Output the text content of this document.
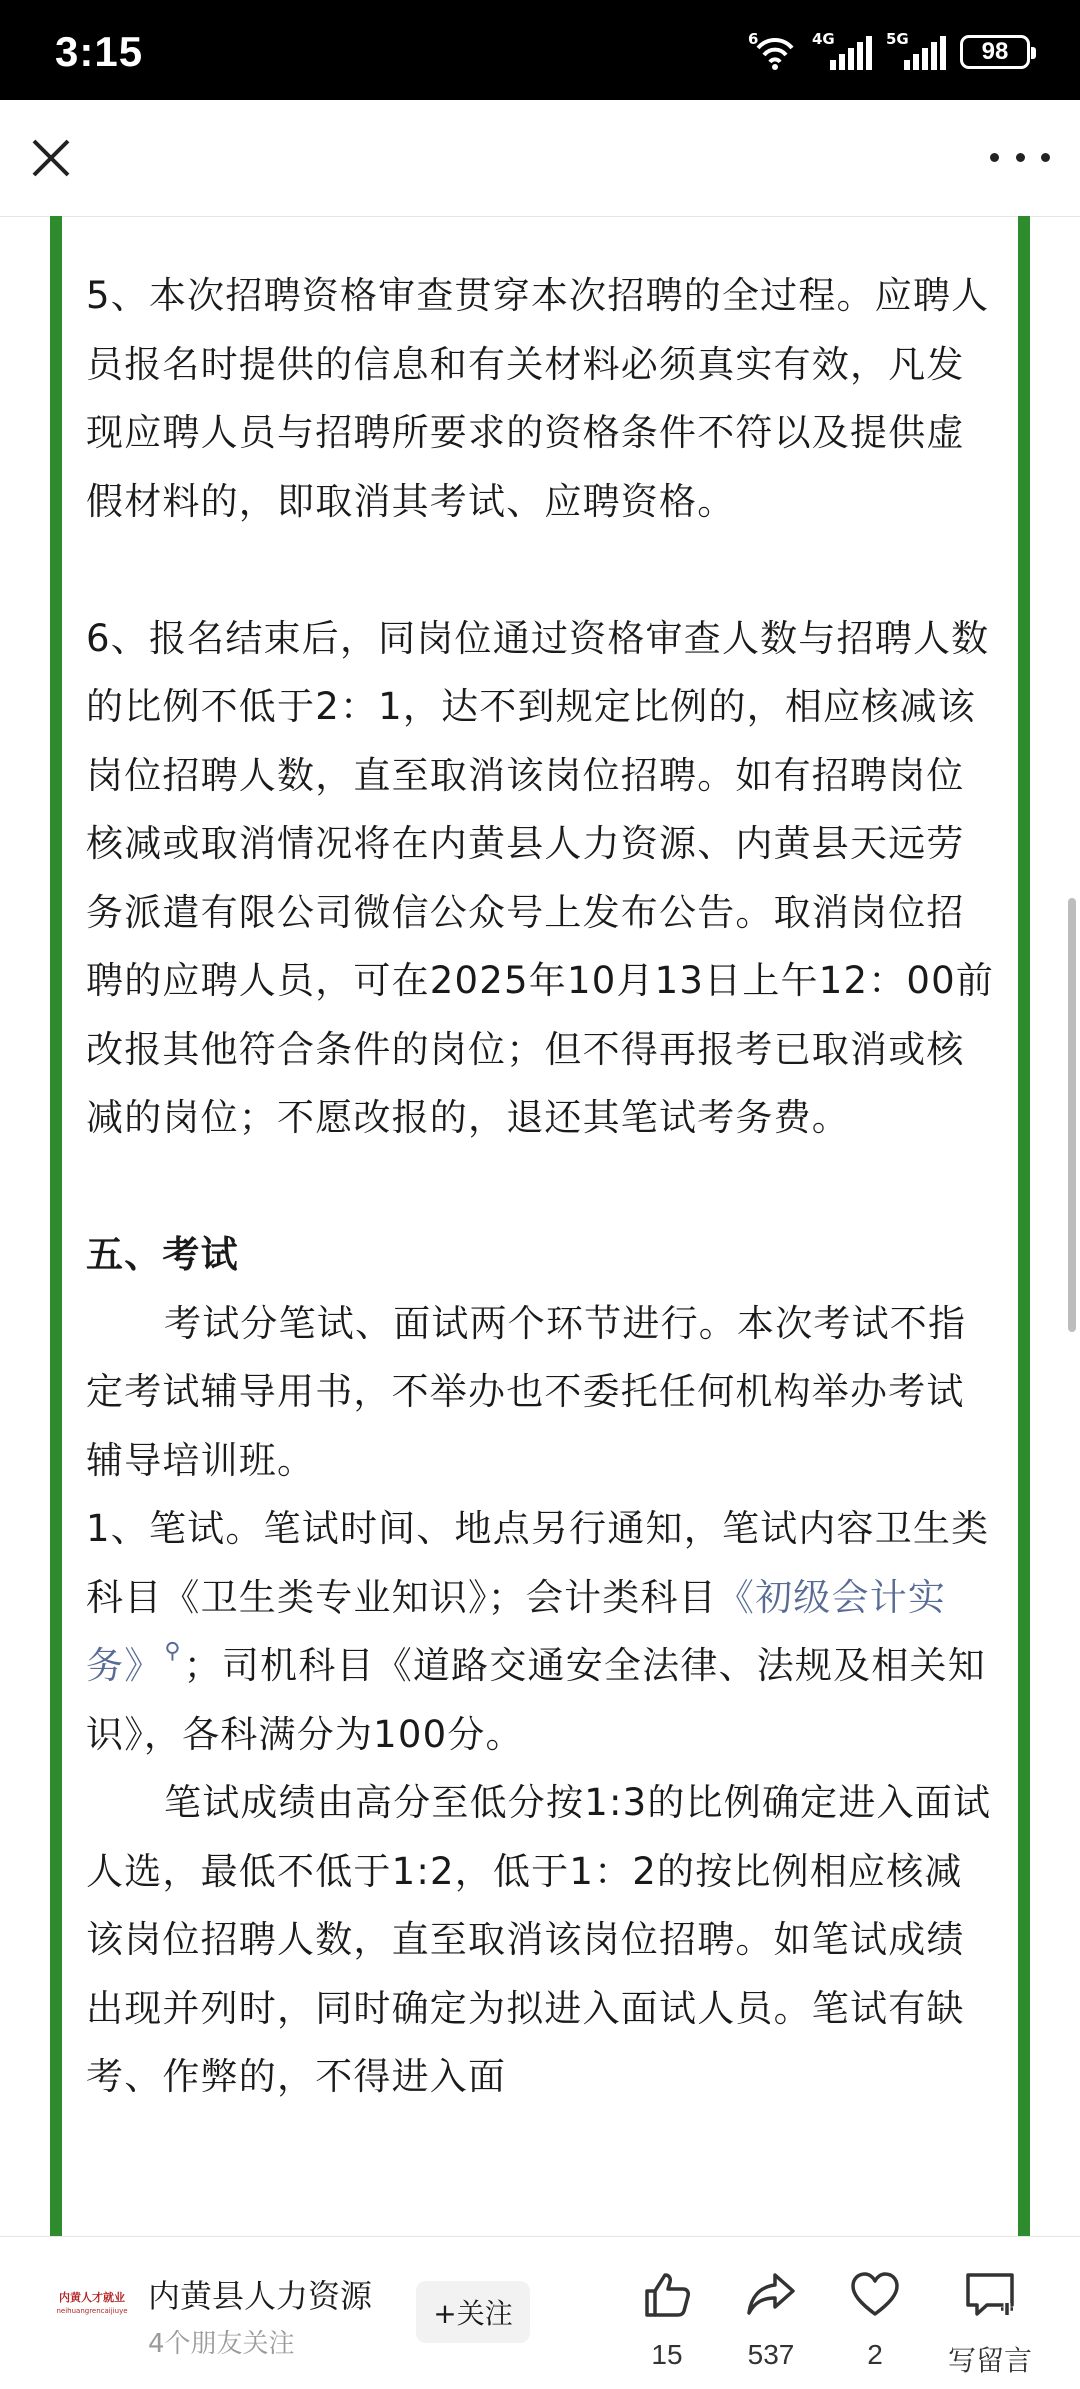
3:15	6	4G	5G	98

5、本次招聘资格审查贯穿本次招聘的全过程。应聘人员报名时提供的信息和有关材料必须真实有效，凡发现应聘人员与招聘所要求的资格条件不符以及提供虚假材料的，即取消其考试、应聘资格。

6、报名结束后，同岗位通过资格审查人数与招聘人数的比例不低于2：1，达不到规定比例的，相应核减该岗位招聘人数，直至取消该岗位招聘。如有招聘岗位核减或取消情况将在内黄县人力资源、内黄县天远劳务派遣有限公司微信公众号上发布公告。取消岗位招聘的应聘人员，可在2025年10月13日上午12：00前改报其他符合条件的岗位；但不得再报考已取消或核减的岗位；不愿改报的，退还其笔试考务费。

五、考试

考试分笔试、面试两个环节进行。本次考试不指定考试辅导用书，不举办也不委托任何机构举办考试辅导培训班。

1、笔试。笔试时间、地点另行通知，笔试内容卫生类科目《卫生类专业知识》；会计类科目《初级会计实务》⚲；司机科目《道路交通安全法律、法规及相关知识》，各科满分为100分。

笔试成绩由高分至低分按1:3的比例确定进入面试人选，最低不低于1:2，低于1：2的按比例相应核减该岗位招聘人数，直至取消该岗位招聘。如笔试成绩出现并列时，同时确定为拟进入面试人员。笔试有缺考、作弊的，不得进入面

内黄人才就业
neihuangrencaijiuye 内黄县人力资源
4个朋友关注
+关注
15	537	2	写留言
